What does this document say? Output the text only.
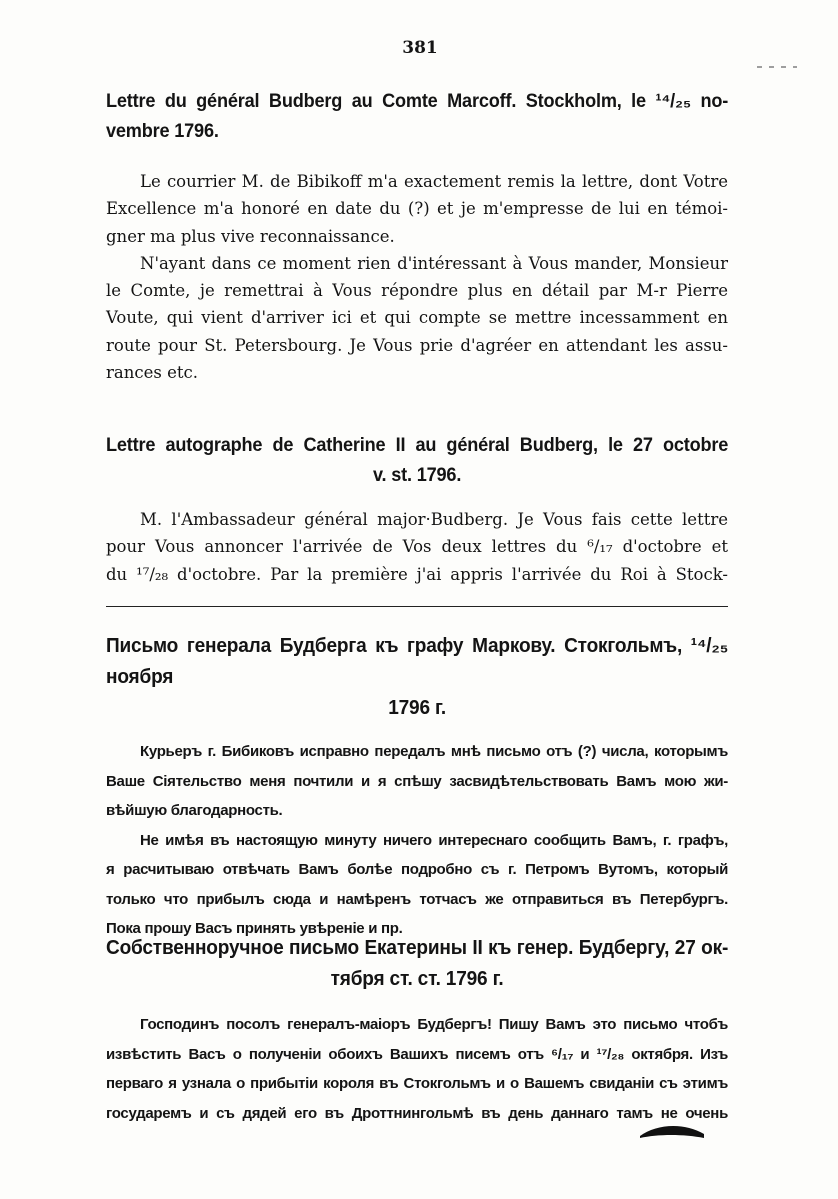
381
Lettre du général Budberg au Comte Marcoff. Stockholm, le ¹⁴/₂₅ no-
vembre 1796.
Le courrier M. de Bibikoff m'a exactement remis la lettre, dont Votre
Excellence m'a honoré en date du (?) et je m'empresse de lui en témoi-
gner ma plus vive reconnaissance.
N'ayant dans ce moment rien d'intéressant à Vous mander, Monsieur
le Comte, je remettrai à Vous répondre plus en détail par M-r Pierre
Voute, qui vient d'arriver ici et qui compte se mettre incessamment en
route pour St. Petersbourg. Je Vous prie d'agréer en attendant les assu-
rances etc.
Lettre autographe de Catherine II au général Budberg, le 27 octobre
v. st. 1796.
M. l'Ambassadeur général major·Budberg. Je Vous fais cette lettre
pour Vous annoncer l'arrivée de Vos deux lettres du ⁶/₁₇ d'octobre et
du ¹⁷/₂₈ d'octobre. Par la première j'ai appris l'arrivée du Roi à Stock-
Письмо генерала Будберга къ графу Маркову. Стокгольмъ, ¹⁴/₂₅ ноября
1796 г.
Курьеръ г. Бибиковъ исправно передалъ мнѣ письмо отъ (?) числа, которымъ
Ваше Сіятельство меня почтили и я спѣшу засвидѣтельствовать Вамъ мою жи-
вѣйшую благодарность.
Не имѣя въ настоящую минуту ничего интереснаго сообщить Вамъ, г. графъ,
я расчитываю отвѣчать Вамъ болѣе подробно съ г. Петромъ Вутомъ, который
только что прибылъ сюда и намѣренъ тотчасъ же отправиться въ Петербургъ.
Пока прошу Васъ принять увѣреніе и пр.
Собственноручное письмо Екатерины II къ генер. Будбергу, 27 ок-
тября ст. ст. 1796 г.
Господинъ посолъ генералъ-маіоръ Будбергъ! Пишу Вамъ это письмо чтобъ
извѣстить Васъ о полученіи обоихъ Вашихъ писемъ отъ ⁶/₁₇ и ¹⁷/₂₈ октября. Изъ
перваго я узнала о прибытіи короля въ Стокгольмъ и о Вашемъ свиданіи съ этимъ
государемъ и съ дядей его въ Дроттнингольмѣ въ день даннаго тамъ не очень
